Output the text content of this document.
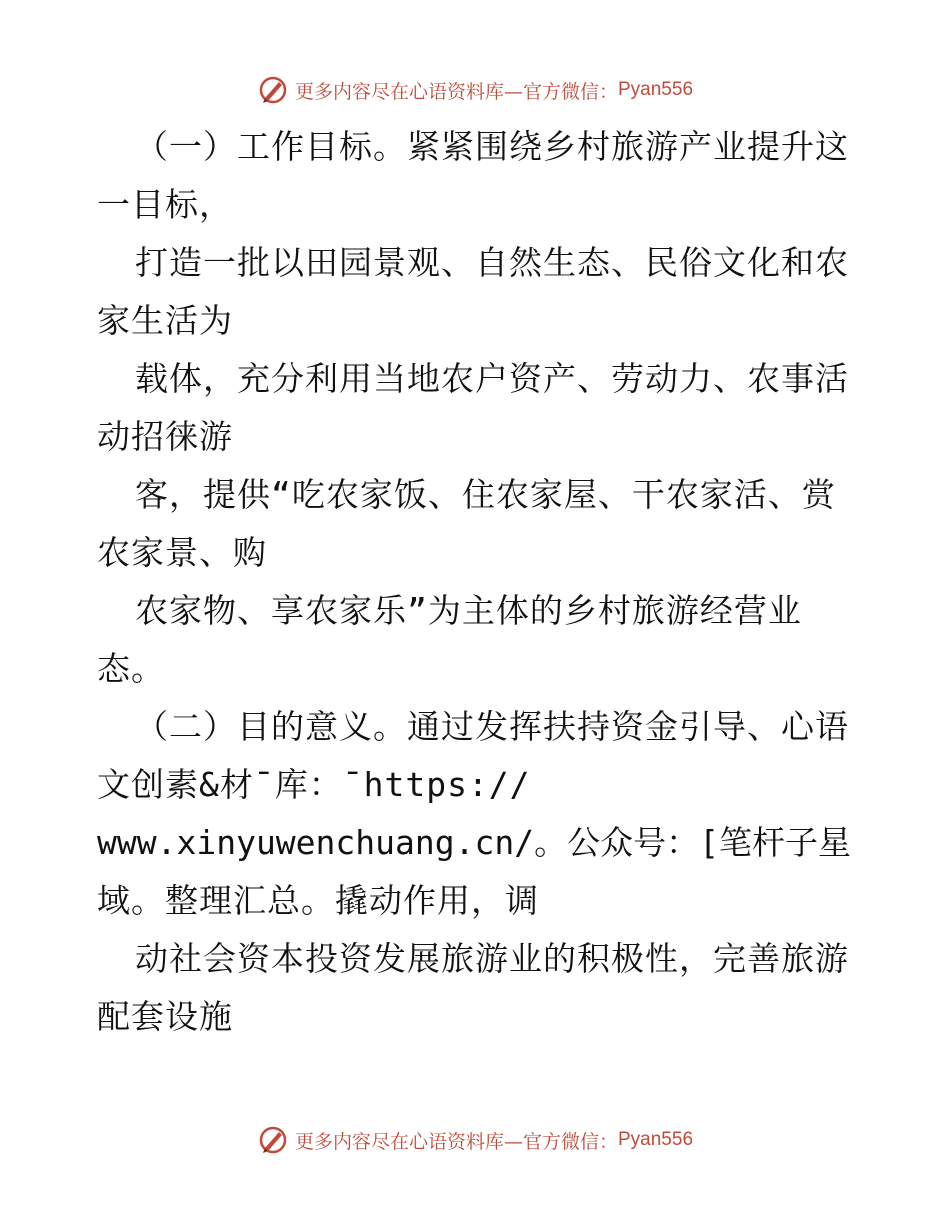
更多内容尽在心语资料库—官方微信： Pyan556
（一）工作目标。紧紧围绕乡村旅游产业提升这
一目标，
打造一批以田园景观、自然生态、民俗文化和农
家生活为
载体，充分利用当地农户资产、劳动力、农事活
动招徕游
客，提供“吃农家饭、住农家屋、干农家活、赏
农家景、购
农家物、享农家乐”为主体的乡村旅游经营业
态。
（二）目的意义。通过发挥扶持资金引导、心语
文创素&材¯库：¯https://
www.xinyuwenchuang.cn/。公众号：[笔杆子星
域。整理汇总。撬动作用，调
动社会资本投资发展旅游业的积极性，完善旅游
配套设施
更多内容尽在心语资料库—官方微信： Pyan556
